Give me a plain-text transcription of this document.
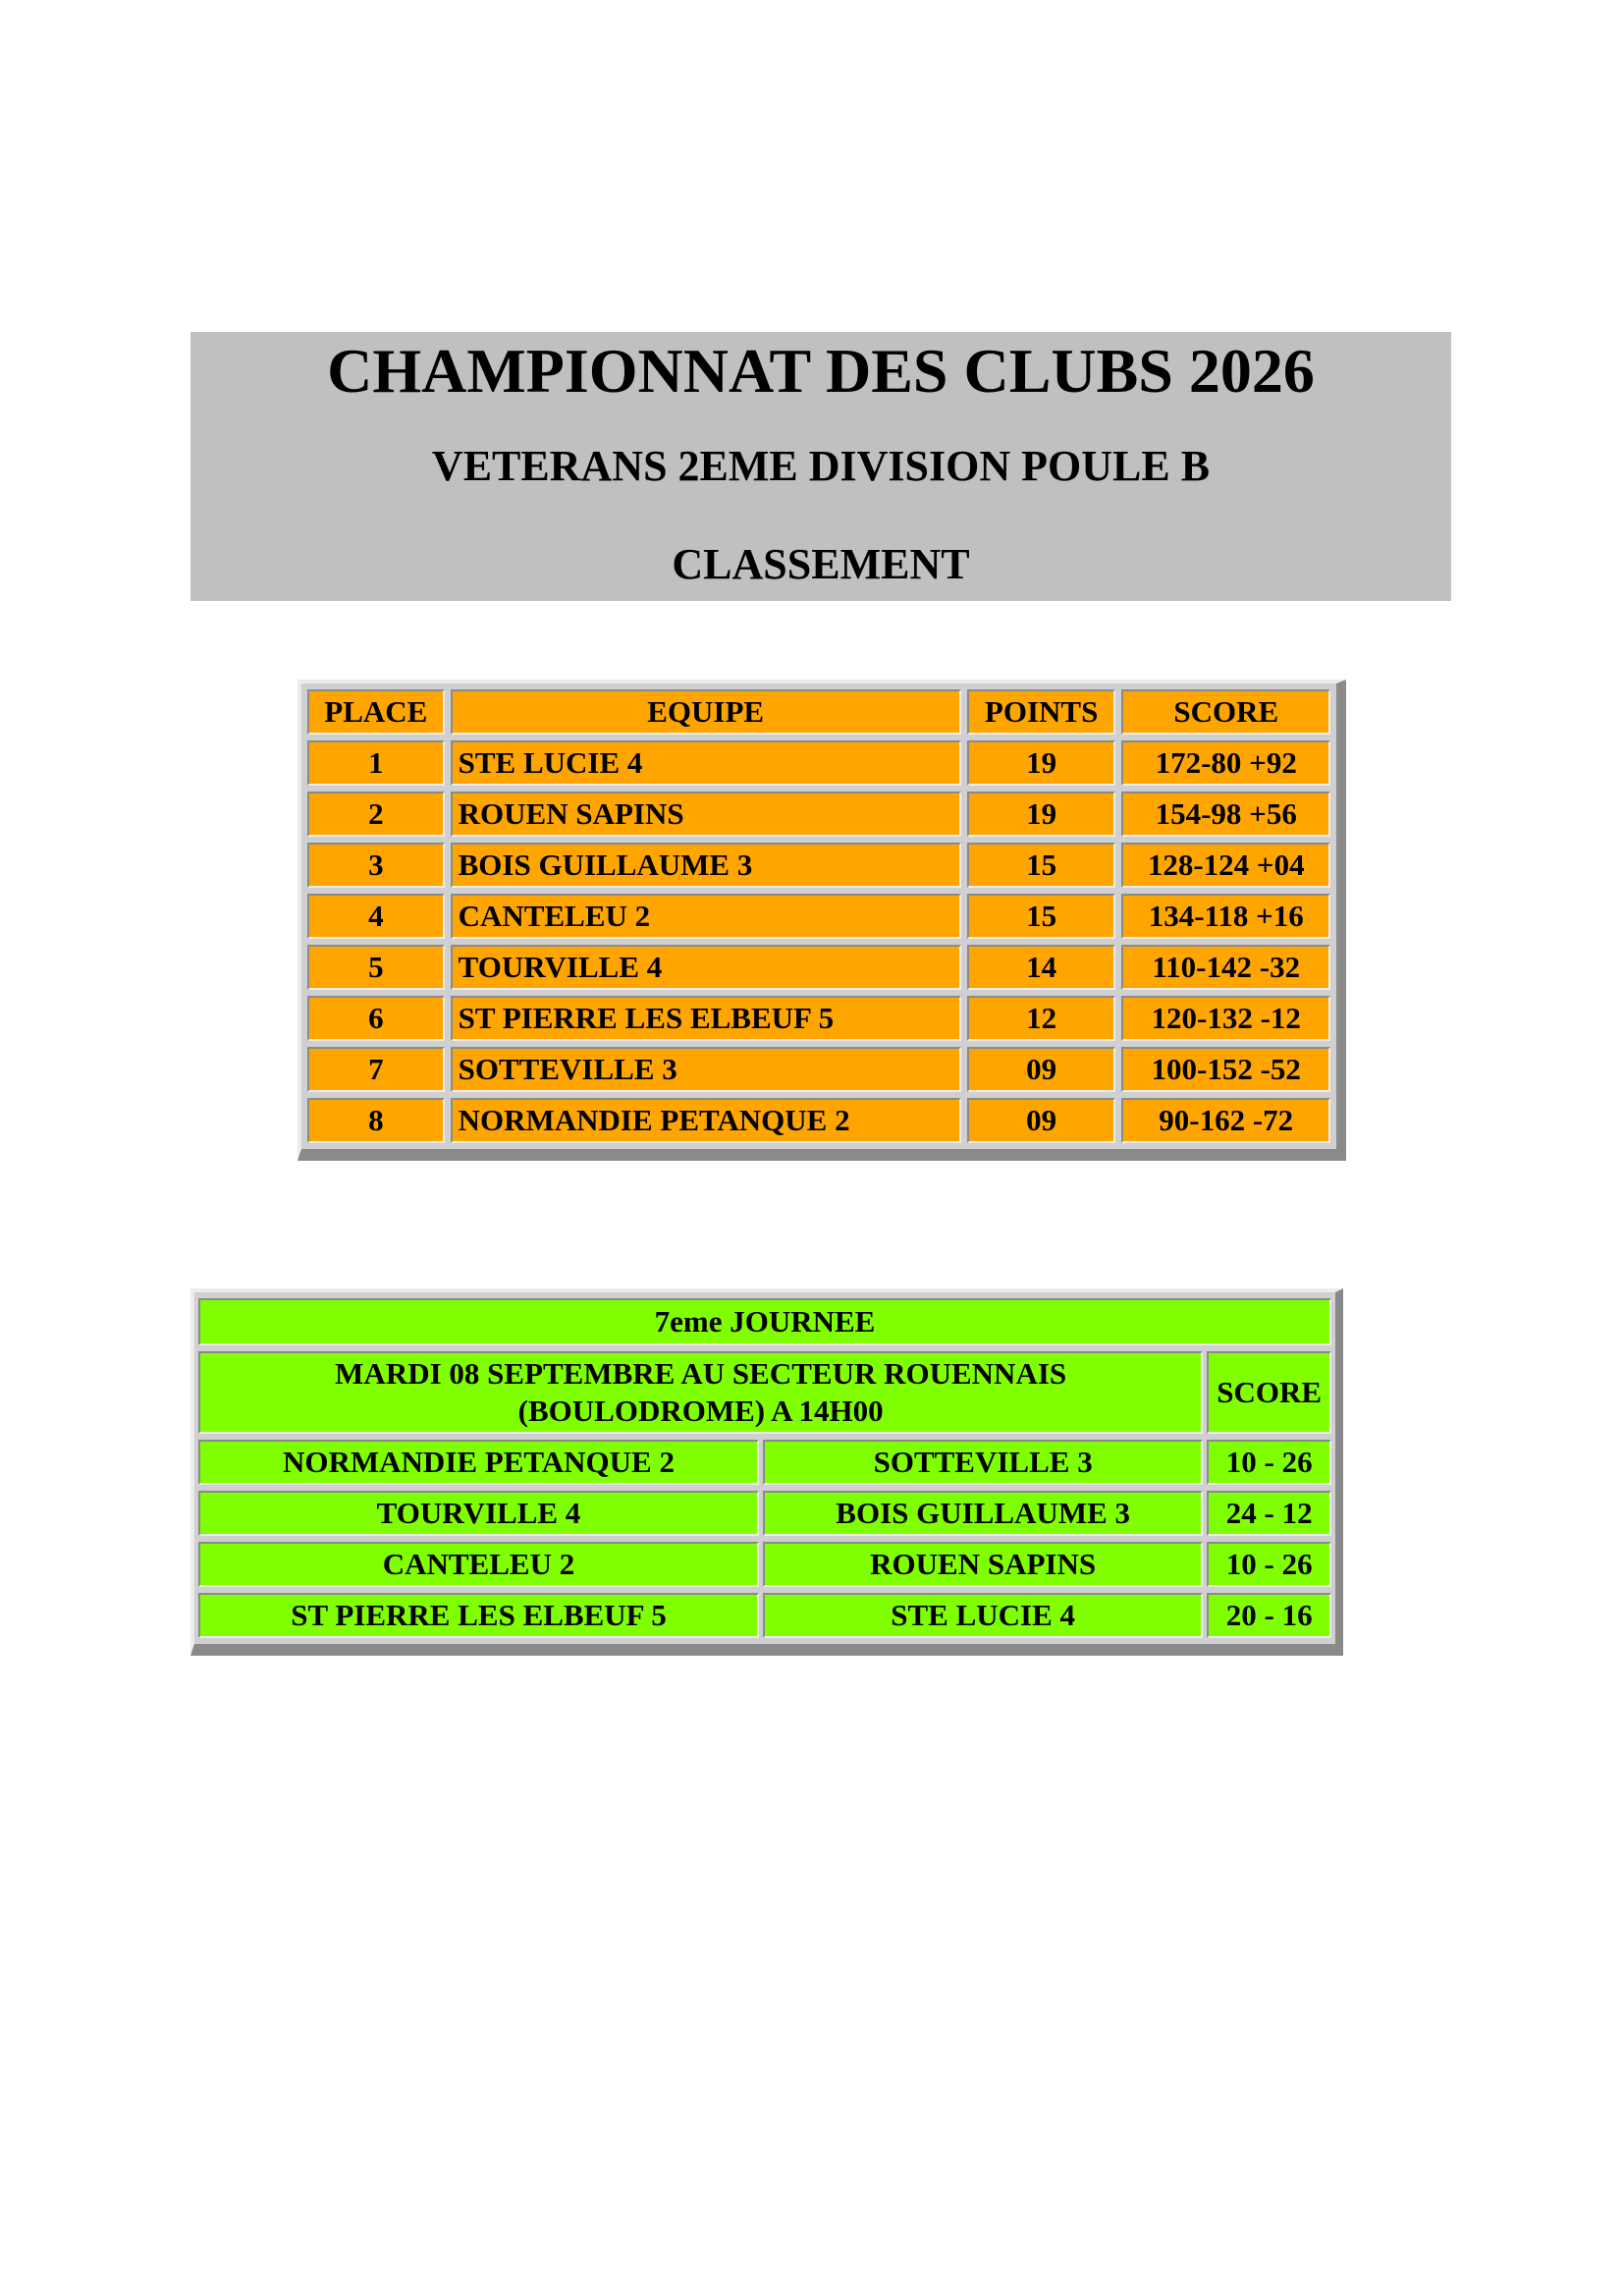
CHAMPIONNAT DES CLUBS 2026
VETERANS 2EME DIVISION POULE B
CLASSEMENT
PLACE	EQUIPE	POINTS	SCORE
1	STE LUCIE 4	19	172-80 +92
2	ROUEN SAPINS	19	154-98 +56
3	BOIS GUILLAUME 3	15	128-124 +04
4	CANTELEU 2	15	134-118 +16
5	TOURVILLE 4	14	110-142 -32
6	ST PIERRE LES ELBEUF 5	12	120-132 -12
7	SOTTEVILLE 3	09	100-152 -52
8	NORMANDIE PETANQUE 2	09	90-162 -72
7eme JOURNEE		
MARDI 08 SEPTEMBRE AU SECTEUR ROUENNAIS
(BOULODROME) A 14H00		SCORE
NORMANDIE PETANQUE 2	SOTTEVILLE 3	10 - 26
TOURVILLE 4	BOIS GUILLAUME 3	24 - 12
CANTELEU 2	ROUEN SAPINS	10 - 26
ST PIERRE LES ELBEUF 5	STE LUCIE 4	20 - 16
